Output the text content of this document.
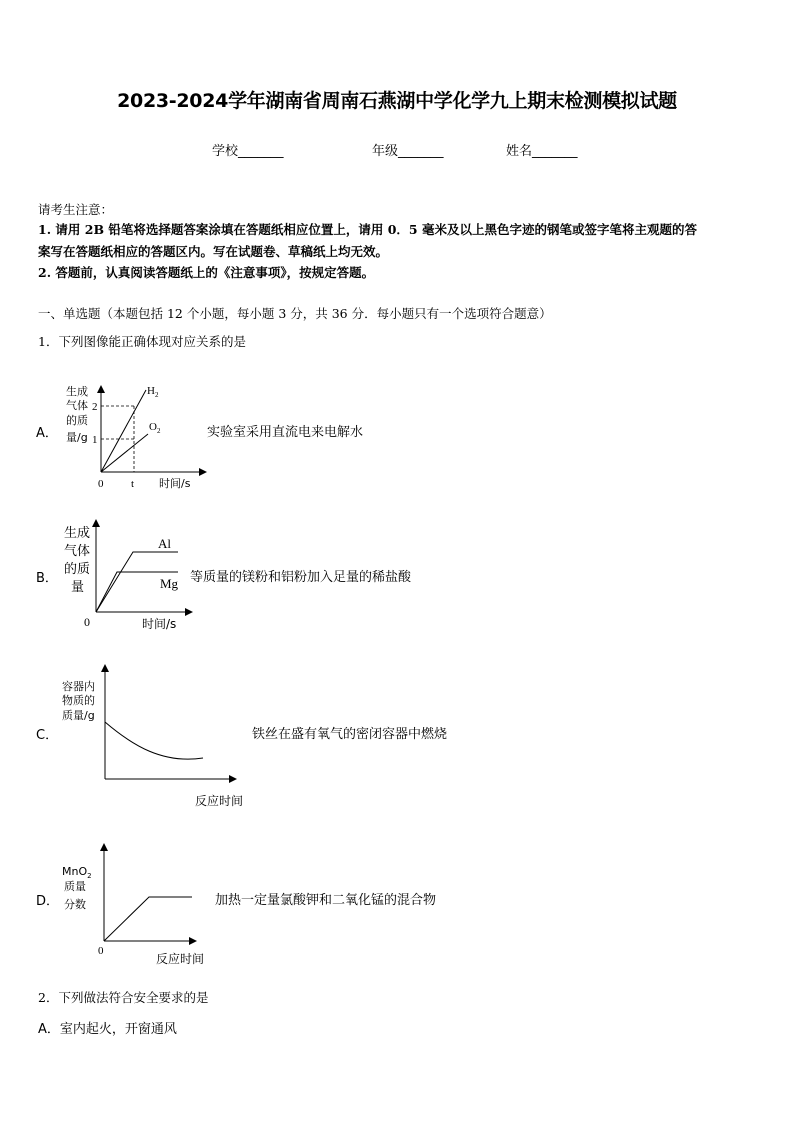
2023-2024学年湖南省周南石燕湖中学化学九上期末检测模拟试题
学校_______	年级_______	姓名_______
请考生注意：
1. 请用 2B 铅笔将选择题答案涂填在答题纸相应位置上，请用 0．5 毫米及以上黑色字迹的钢笔或签字笔将主观题的答
案写在答题纸相应的答题区内。写在试题卷、草稿纸上均无效。
2. 答题前，认真阅读答题纸上的《注意事项》，按规定答题。
一、单选题（本题包括 12 个小题，每小题 3 分，共 36 分．每小题只有一个选项符合题意）
1．下列图像能正确体现对应关系的是
A．	实验室采用直流电来电解水
生成
气体
的质
量/g
2
1
0	t 时间/s
$H_2$
$O_2$
B．	等质量的镁粉和铝粉加入足量的稀盐酸
生成
气体
的质
量
0	时间/s
Al
Mg
C．	铁丝在盛有氧气的密闭容器中燃烧
容器内
物质的
质量/g
反应时间
D．	加热一定量氯酸钾和二氧化锰的混合物
MnO$_2$
质量
分数
0
反应时间
2．下列做法符合安全要求的是
A．室内起火，开窗通风
